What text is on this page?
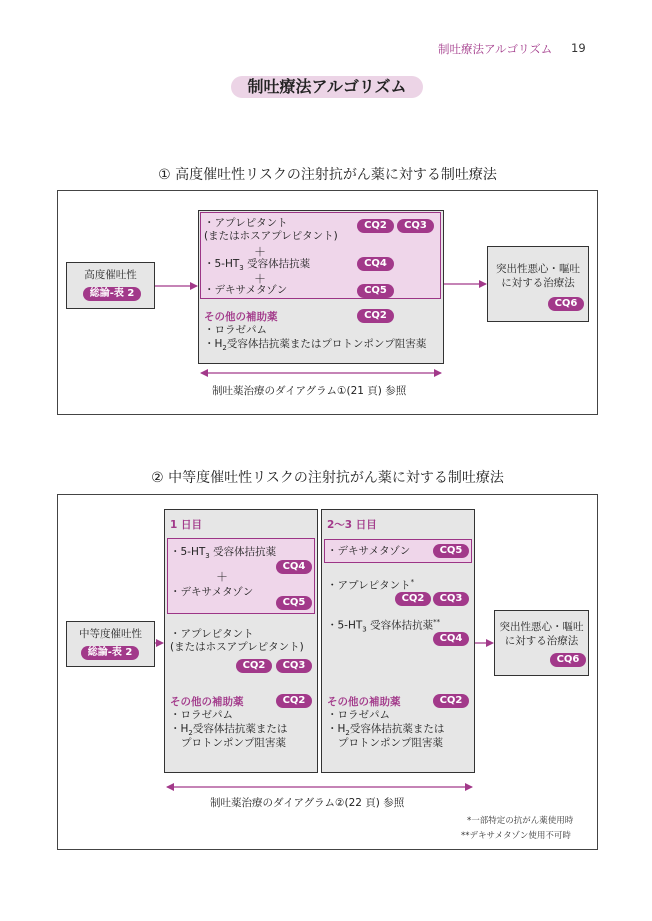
制吐療法アルゴリズム 19
制吐療法アルゴリズム
① 高度催吐性リスクの注射抗がん薬に対する制吐療法
高度催吐性
総論-表 2
・アプレピタント
(またはホスアプレピタント)
CQ2	CQ3
＋
・$5-HT_3$ 受容体拮抗薬	CQ4
＋
・デキサメタゾン	CQ5
その他の補助薬	CQ2
・ロラゼパム
・$H_2$受容体拮抗薬またはプロトンポンプ阻害薬
突出性悪心・嘔吐
に対する治療法
CQ6
制吐薬治療のダイアグラム①(21 頁) 参照
② 中等度催吐性リスクの注射抗がん薬に対する制吐療法
中等度催吐性
総論-表 2
1 日目
・$5-HT_3$ 受容体拮抗薬
CQ4
＋
・デキサメタゾン
CQ5
・アプレピタント
(またはホスアプレピタント)
CQ2	CQ3
その他の補助薬	CQ2
・ロラゼパム
・$H_2$受容体拮抗薬または
プロトンポンプ阻害薬
2〜3 日目
・デキサメタゾン	CQ5
・アプレピタント*
CQ2	CQ3
・$5-HT_3$ 受容体拮抗薬**
CQ4
その他の補助薬	CQ2
・ロラゼパム
・$H_2$受容体拮抗薬または
プロトンポンプ阻害薬
突出性悪心・嘔吐
に対する治療法
CQ6
制吐薬治療のダイアグラム②(22 頁) 参照
*一部特定の抗がん薬使用時
**デキサメタゾン使用不可時
